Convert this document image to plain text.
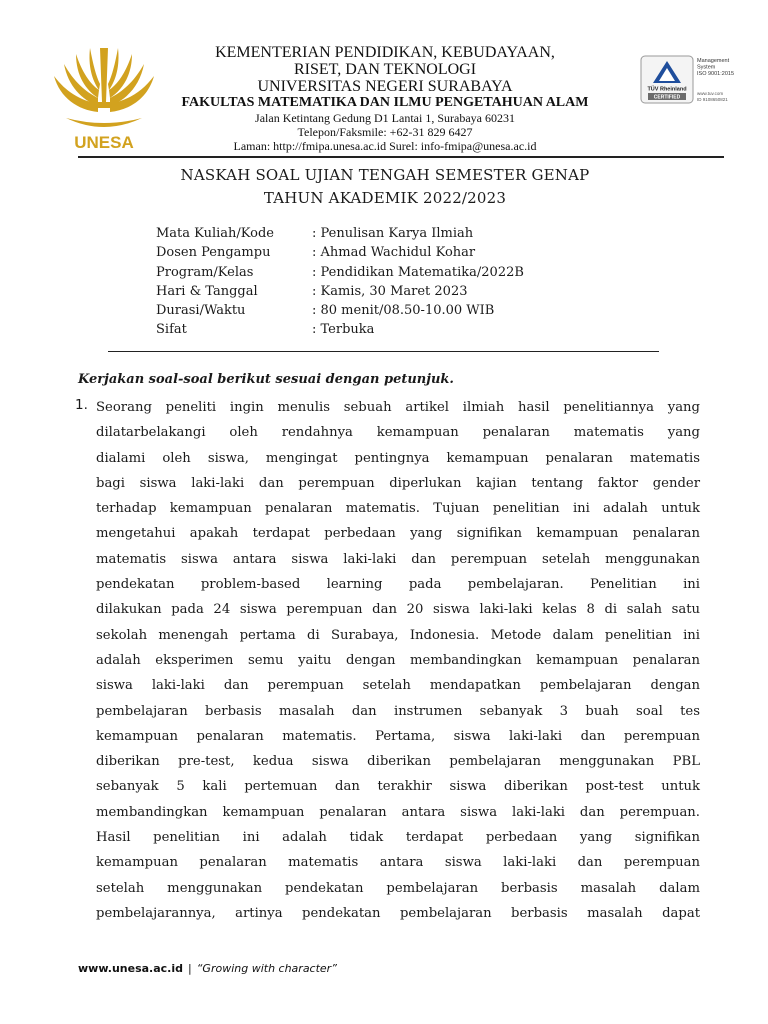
UNESA
KEMENTERIAN PENDIDIKAN, KEBUDAYAAN,
RISET, DAN TEKNOLOGI
UNIVERSITAS NEGERI SURABAYA
FAKULTAS MATEMATIKA DAN ILMU PENGETAHUAN ALAM
Jalan Ketintang Gedung D1 Lantai 1, Surabaya 60231
Telepon/Faksmile: +62-31 829 6427
Laman: http://fmipa.unesa.ac.id Surel: info-fmipa@unesa.ac.id
TÜV Rheinland
CERTIFIED
Management
System
ISO 9001:2015
www.tuv.com
ID 9108650821
NASKAH SOAL UJIAN TENGAH SEMESTER GENAP
TAHUN AKADEMIK 2022/2023
Mata Kuliah/Kode	: Penulisan Karya Ilmiah
Dosen Pengampu	: Ahmad Wachidul Kohar
Program/Kelas	: Pendidikan Matematika/2022B
Hari & Tanggal	: Kamis, 30 Maret 2023
Durasi/Waktu	: 80 menit/08.50-10.00 WIB
Sifat	: Terbuka
Kerjakan soal-soal berikut sesuai dengan petunjuk.
1. Seorang peneliti ingin menulis sebuah artikel ilmiah hasil penelitiannya yang
dilatarbelakangi oleh rendahnya kemampuan penalaran matematis yang
dialami oleh siswa, mengingat pentingnya kemampuan penalaran matematis
bagi siswa laki-laki dan perempuan diperlukan kajian tentang faktor gender
terhadap kemampuan penalaran matematis. Tujuan penelitian ini adalah untuk
mengetahui apakah terdapat perbedaan yang signifikan kemampuan penalaran
matematis siswa antara siswa laki-laki dan perempuan setelah menggunakan
pendekatan problem-based learning pada pembelajaran. Penelitian ini
dilakukan pada 24 siswa perempuan dan 20 siswa laki-laki kelas 8 di salah satu
sekolah menengah pertama di Surabaya, Indonesia. Metode dalam penelitian ini
adalah eksperimen semu yaitu dengan membandingkan kemampuan penalaran
siswa laki-laki dan perempuan setelah mendapatkan pembelajaran dengan
pembelajaran berbasis masalah dan instrumen sebanyak 3 buah soal tes
kemampuan penalaran matematis. Pertama, siswa laki-laki dan perempuan
diberikan pre-test, kedua siswa diberikan pembelajaran menggunakan PBL
sebanyak 5 kali pertemuan dan terakhir siswa diberikan post-test untuk
membandingkan kemampuan penalaran antara siswa laki-laki dan perempuan.
Hasil penelitian ini adalah tidak terdapat perbedaan yang signifikan
kemampuan penalaran matematis antara siswa laki-laki dan perempuan
setelah menggunakan pendekatan pembelajaran berbasis masalah dalam
pembelajarannya, artinya pendekatan pembelajaran berbasis masalah dapat
www.unesa.ac.id | “Growing with character”
